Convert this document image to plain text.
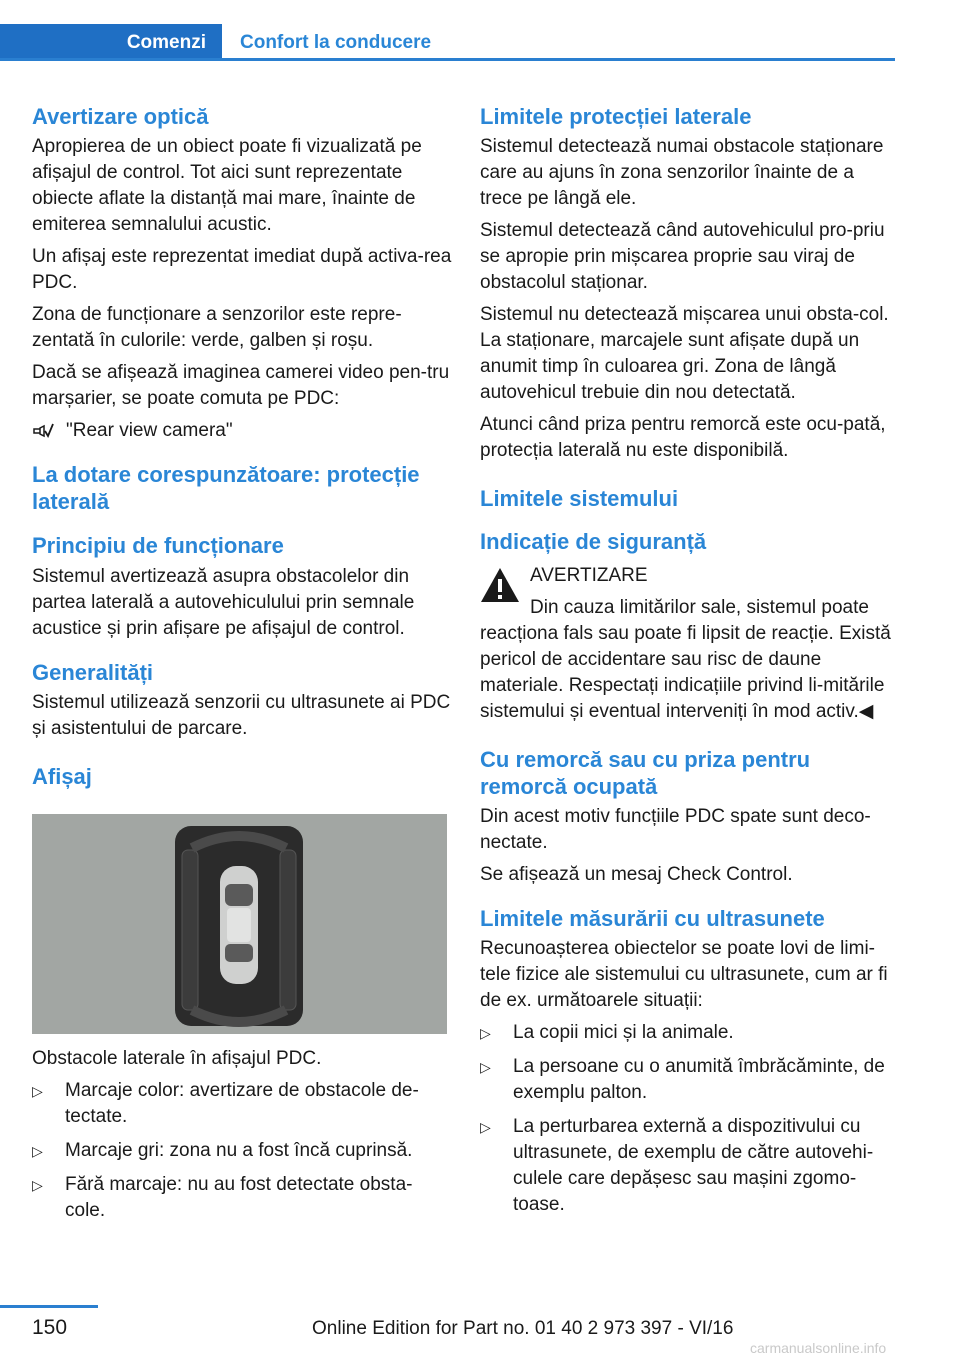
Comenzi	Confort la conducere
Avertizare optică

Apropierea de un obiect poate fi vizualizată pe afișajul de control. Tot aici sunt reprezentate obiecte aflate la distanță mai mare, înainte de emiterea semnalului acustic.

Un afișaj este reprezentat imediat după activa‐rea PDC.

Zona de funcționare a senzorilor este repre‐zentată în culorile: verde, galben și roșu.

Dacă se afișează imaginea camerei video pen‐tru marșarier, se poate comuta pe PDC:

"Rear view camera"
La dotare corespunzătoare: protecție laterală
Principiu de funcționare

Sistemul avertizează asupra obstacolelor din partea laterală a autovehiculului prin semnale acustice și prin afișare pe afișajul de control.

Generalități

Sistemul utilizează senzorii cu ultrasunete ai PDC și asistentului de parcare.

Afișaj

Obstacole laterale în afișajul PDC.

▷ Marcaje color: avertizare de obstacole de‐tectate.
▷ Marcaje gri: zona nu a fost încă cuprinsă.
▷ Fără marcaje: nu au fost detectate obsta‐cole.
Limitele protecției laterale

Sistemul detectează numai obstacole staționare care au ajuns în zona senzorilor înainte de a trece pe lângă ele.

Sistemul detectează când autovehiculul pro‐priu se apropie prin mișcarea proprie sau viraj de obstacolul staționar.

Sistemul nu detectează mișcarea unui obsta‐col. La staționare, marcajele sunt afișate după un anumit timp în culoarea gri. Zona de lângă autovehicul trebuie din nou detectată.

Atunci când priza pentru remorcă este ocu‐pată, protecția laterală nu este disponibilă.

Limitele sistemului
Indicație de siguranță
AVERTIZARE
Din cauza limitărilor sale, sistemul poate reacționa fals sau poate fi lipsit de reacție. Există pericol de accidentare sau risc de daune materiale. Respectați indicațiile privind li‐mitările sistemului și eventual interveniți în mod activ.◀
Cu remorcă sau cu priza pentru remorcă ocupată

Din acest motiv funcțiile PDC spate sunt deco‐nectate.

Se afișează un mesaj Check Control.

Limitele măsurării cu ultrasunete

Recunoașterea obiectelor se poate lovi de limi‐tele fizice ale sistemului cu ultrasunete, cum ar fi de ex. următoarele situații:

▷ La copii mici și la animale.
▷ La persoane cu o anumită îmbrăcăminte, de exemplu palton.
▷ La perturbarea externă a dispozitivului cu ultrasunete, de exemplu de către autovehi‐culele care depășesc sau mașini zgomo‐toase.
150	Online Edition for Part no. 01 40 2 973 397 - VI/16
carmanualsonline.info
